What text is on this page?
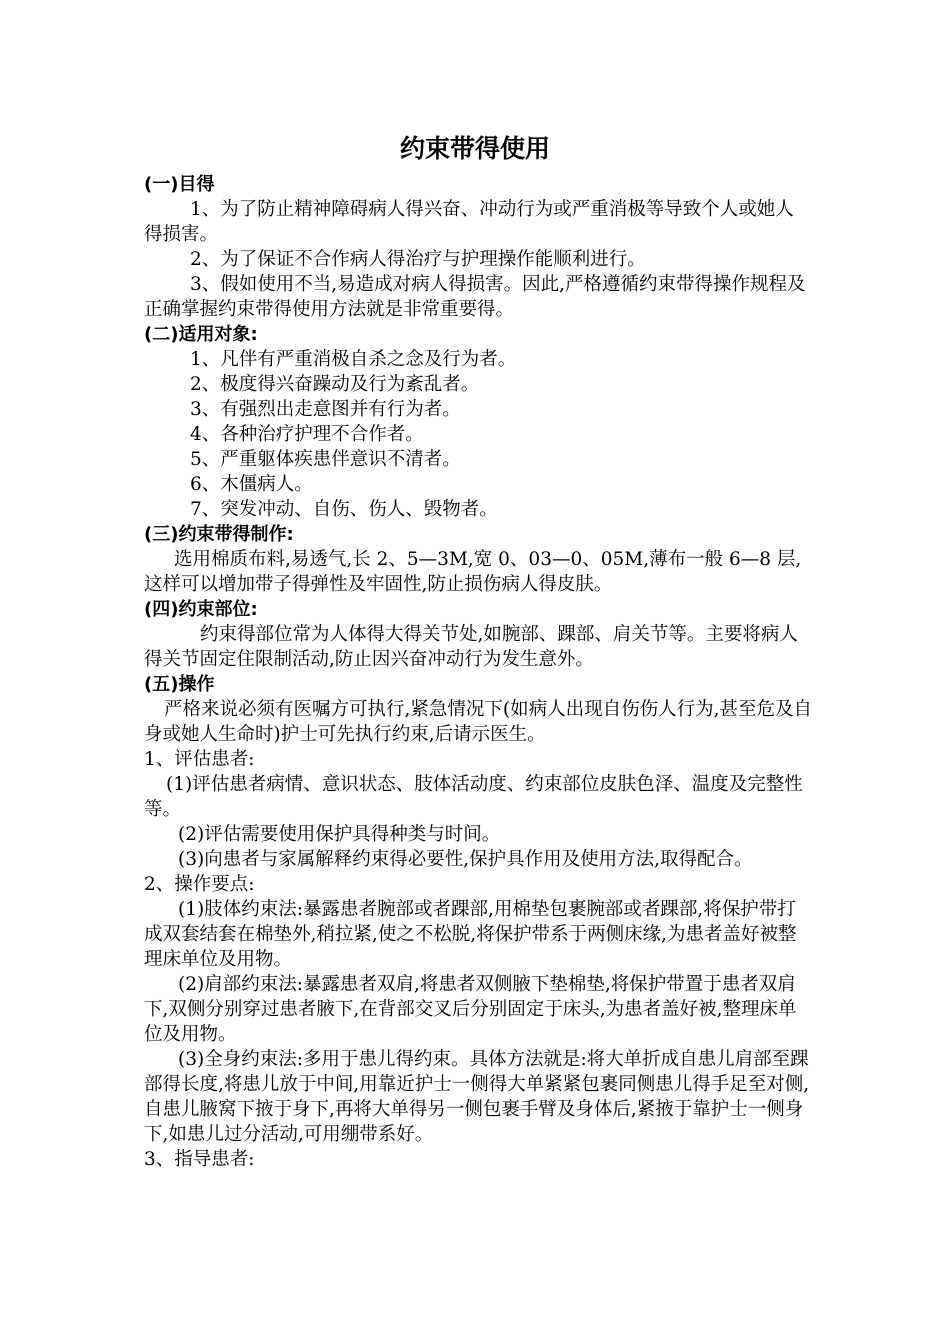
约束带得使用

(一)目得

1、为了防止精神障碍病人得兴奋、冲动行为或严重消极等导致个人或她人得损害。

2、为了保证不合作病人得治疗与护理操作能顺利进行。

3、假如使用不当,易造成对病人得损害。因此,严格遵循约束带得操作规程及正确掌握约束带得使用方法就是非常重要得。

(二)适用对象:

1、凡伴有严重消极自杀之念及行为者。

2、极度得兴奋躁动及行为紊乱者。

3、有强烈出走意图并有行为者。

4、各种治疗护理不合作者。

5、严重躯体疾患伴意识不清者。

6、木僵病人。

7、突发冲动、自伤、伤人、毁物者。

(三)约束带得制作:

选用棉质布料,易透气,长 2、5—3M,宽 0、03—0、05M,薄布一般 6—8 层,这样可以增加带子得弹性及牢固性,防止损伤病人得皮肤。

(四)约束部位:

约束得部位常为人体得大得关节处,如腕部、踝部、肩关节等。主要将病人得关节固定住限制活动,防止因兴奋冲动行为发生意外。

(五)操作

严格来说必须有医嘱方可执行,紧急情况下(如病人出现自伤伤人行为,甚至危及自身或她人生命时)护士可先执行约束,后请示医生。

1、评估患者:

(1)评估患者病情、意识状态、肢体活动度、约束部位皮肤色泽、温度及完整性等。

(2)评估需要使用保护具得种类与时间。

(3)向患者与家属解释约束得必要性,保护具作用及使用方法,取得配合。

2、操作要点:

(1)肢体约束法:暴露患者腕部或者踝部,用棉垫包裹腕部或者踝部,将保护带打成双套结套在棉垫外,稍拉紧,使之不松脱,将保护带系于两侧床缘,为患者盖好被整理床单位及用物。

(2)肩部约束法:暴露患者双肩,将患者双侧腋下垫棉垫,将保护带置于患者双肩下,双侧分别穿过患者腋下,在背部交叉后分别固定于床头,为患者盖好被,整理床单位及用物。

(3)全身约束法:多用于患儿得约束。具体方法就是:将大单折成自患儿肩部至踝部得长度,将患儿放于中间,用靠近护士一侧得大单紧紧包裹同侧患儿得手足至对侧,自患儿腋窝下掖于身下,再将大单得另一侧包裹手臂及身体后,紧掖于靠护士一侧身下,如患儿过分活动,可用绷带系好。

3、指导患者:
